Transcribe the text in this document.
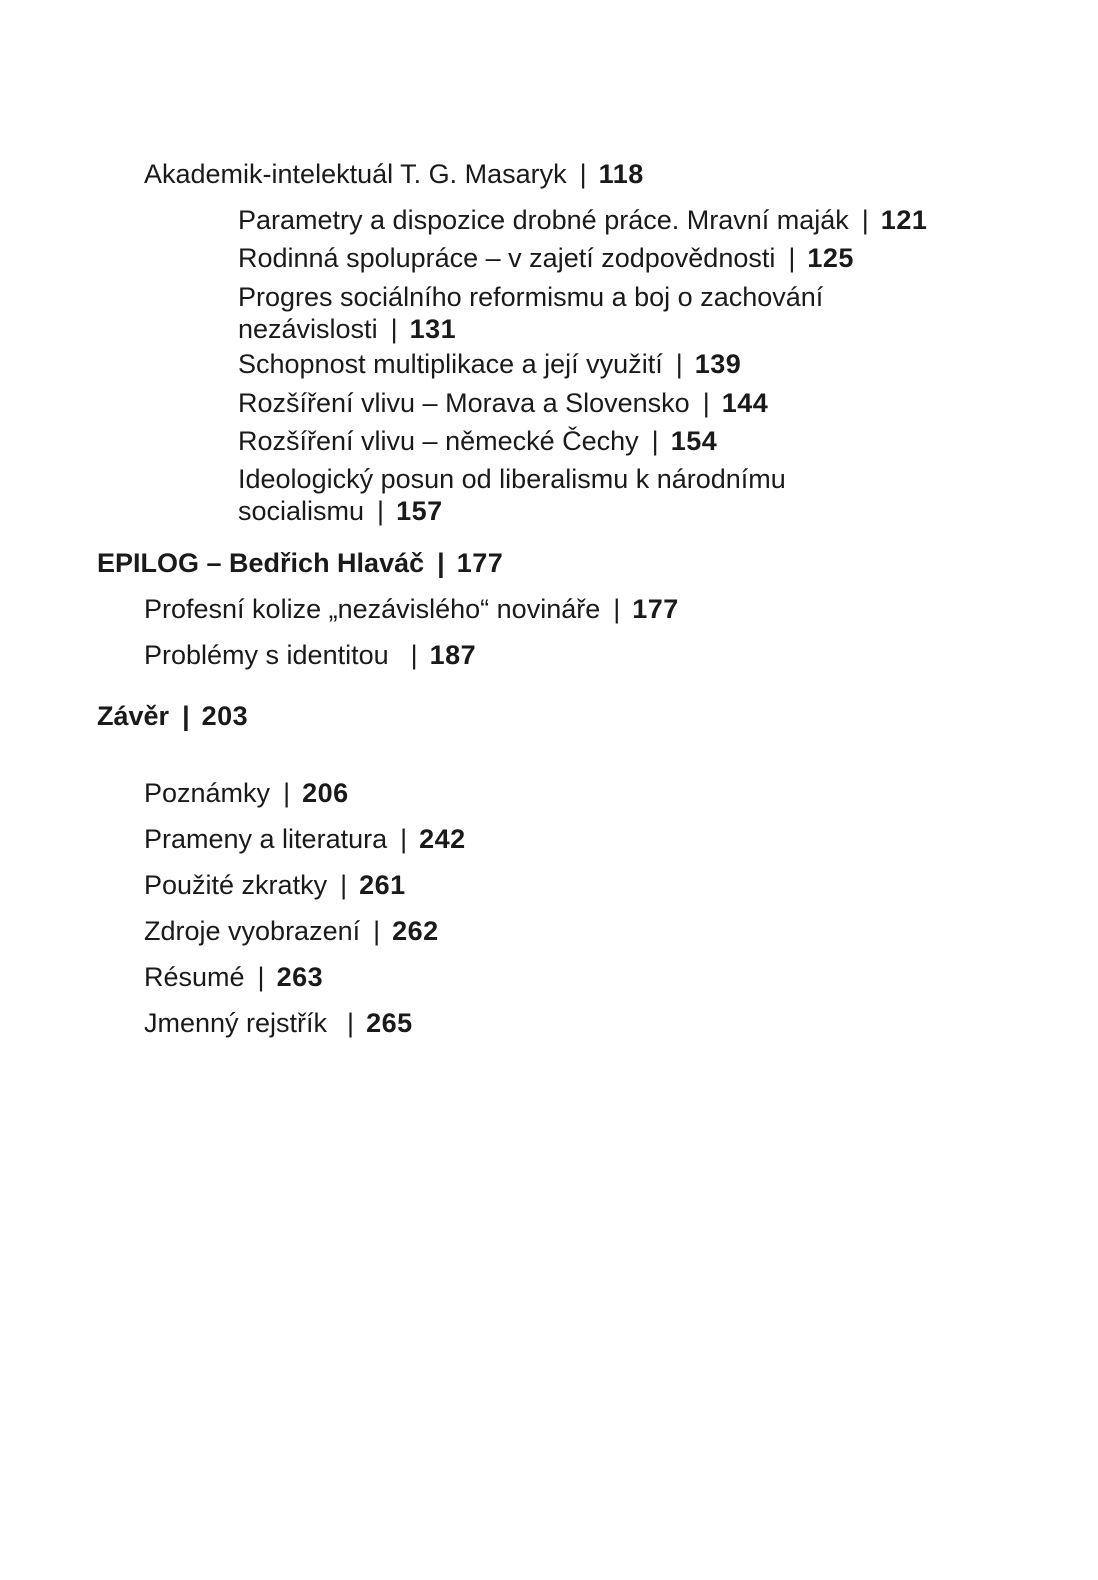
Akademik-intelektuál T. G. Masaryk | 118
Parametry a dispozice drobné práce. Mravní maják | 121
Rodinná spolupráce – v zajetí zodpovědnosti | 125
Progres sociálního reformismu a boj o zachování
nezávislosti | 131
Schopnost multiplikace a její využití | 139
Rozšíření vlivu – Morava a Slovensko | 144
Rozšíření vlivu – německé Čechy | 154
Ideologický posun od liberalismu k národnímu
socialismu | 157
EPILOG – Bedřich Hlaváč | 177
Profesní kolize „nezávislého“ novináře | 177
Problémy s identitou | 187
Závěr | 203
Poznámky | 206
Prameny a literatura | 242
Použité zkratky | 261
Zdroje vyobrazení | 262
Résumé | 263
Jmenný rejstřík | 265
